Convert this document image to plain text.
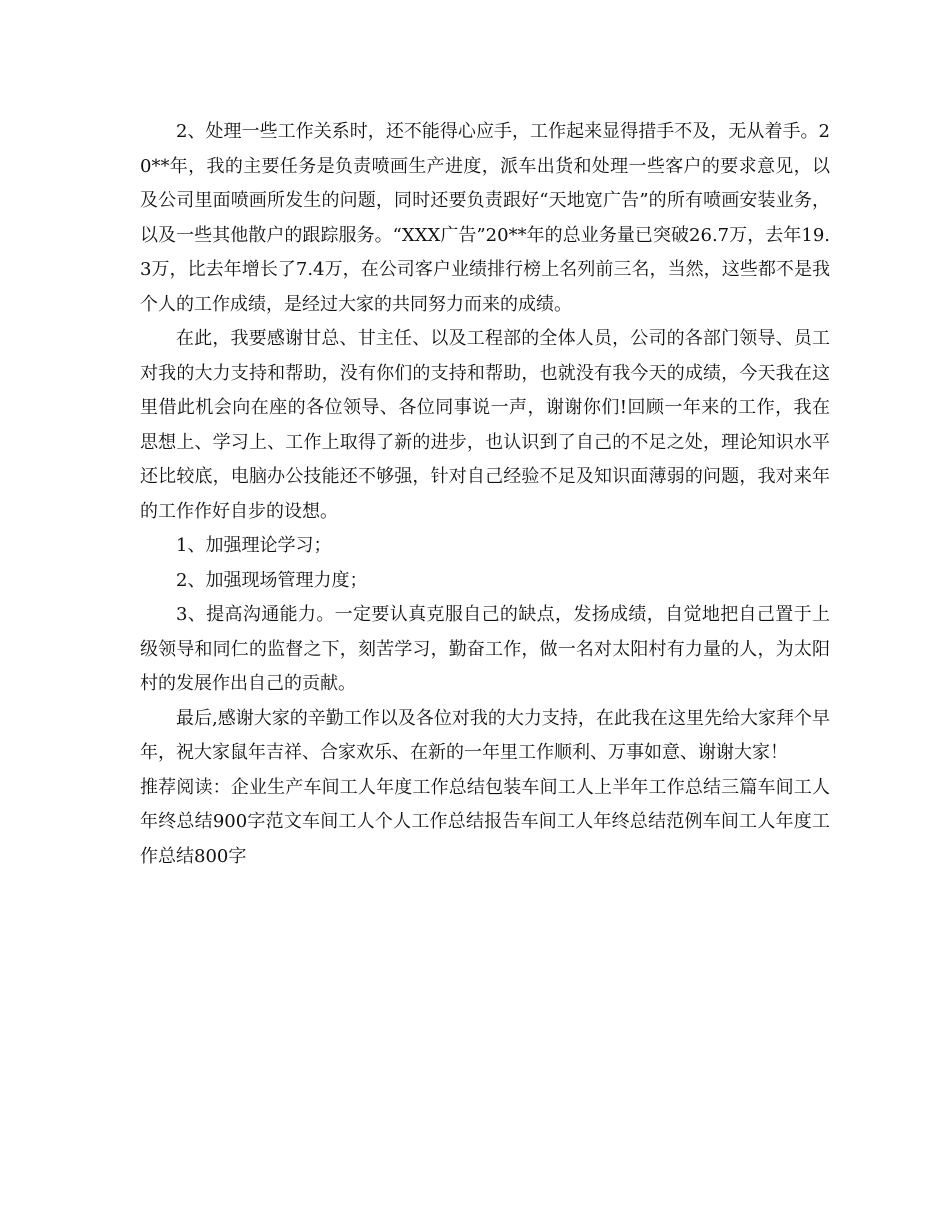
2、处理一些工作关系时，还不能得心应手，工作起来显得措手不及，无从着手。20**年，我的主要任务是负责喷画生产进度，派车出货和处理一些客户的要求意见，以及公司里面喷画所发生的问题，同时还要负责跟好“天地宽广告”的所有喷画安装业务，以及一些其他散户的跟踪服务。“XXX广告”20**年的总业务量已突破26.7万，去年19.3万，比去年增长了7.4万，在公司客户业绩排行榜上名列前三名，当然，这些都不是我个人的工作成绩，是经过大家的共同努力而来的成绩。

在此，我要感谢甘总、甘主任、以及工程部的全体人员，公司的各部门领导、员工对我的大力支持和帮助，没有你们的支持和帮助，也就没有我今天的成绩，今天我在这里借此机会向在座的各位领导、各位同事说一声，谢谢你们!回顾一年来的工作，我在思想上、学习上、工作上取得了新的进步，也认识到了自己的不足之处，理论知识水平还比较底，电脑办公技能还不够强，针对自己经验不足及知识面薄弱的问题，我对来年的工作作好自步的设想。

1、加强理论学习；

2、加强现场管理力度；

3、提高沟通能力。一定要认真克服自己的缺点，发扬成绩，自觉地把自己置于上级领导和同仁的监督之下，刻苦学习，勤奋工作，做一名对太阳村有力量的人，为太阳村的发展作出自己的贡献。

最后,感谢大家的辛勤工作以及各位对我的大力支持，在此我在这里先给大家拜个早年，祝大家鼠年吉祥、合家欢乐、在新的一年里工作顺利、万事如意、谢谢大家！

推荐阅读：企业生产车间工人年度工作总结包装车间工人上半年工作总结三篇车间工人年终总结900字范文车间工人个人工作总结报告车间工人年终总结范例车间工人年度工作总结800字
